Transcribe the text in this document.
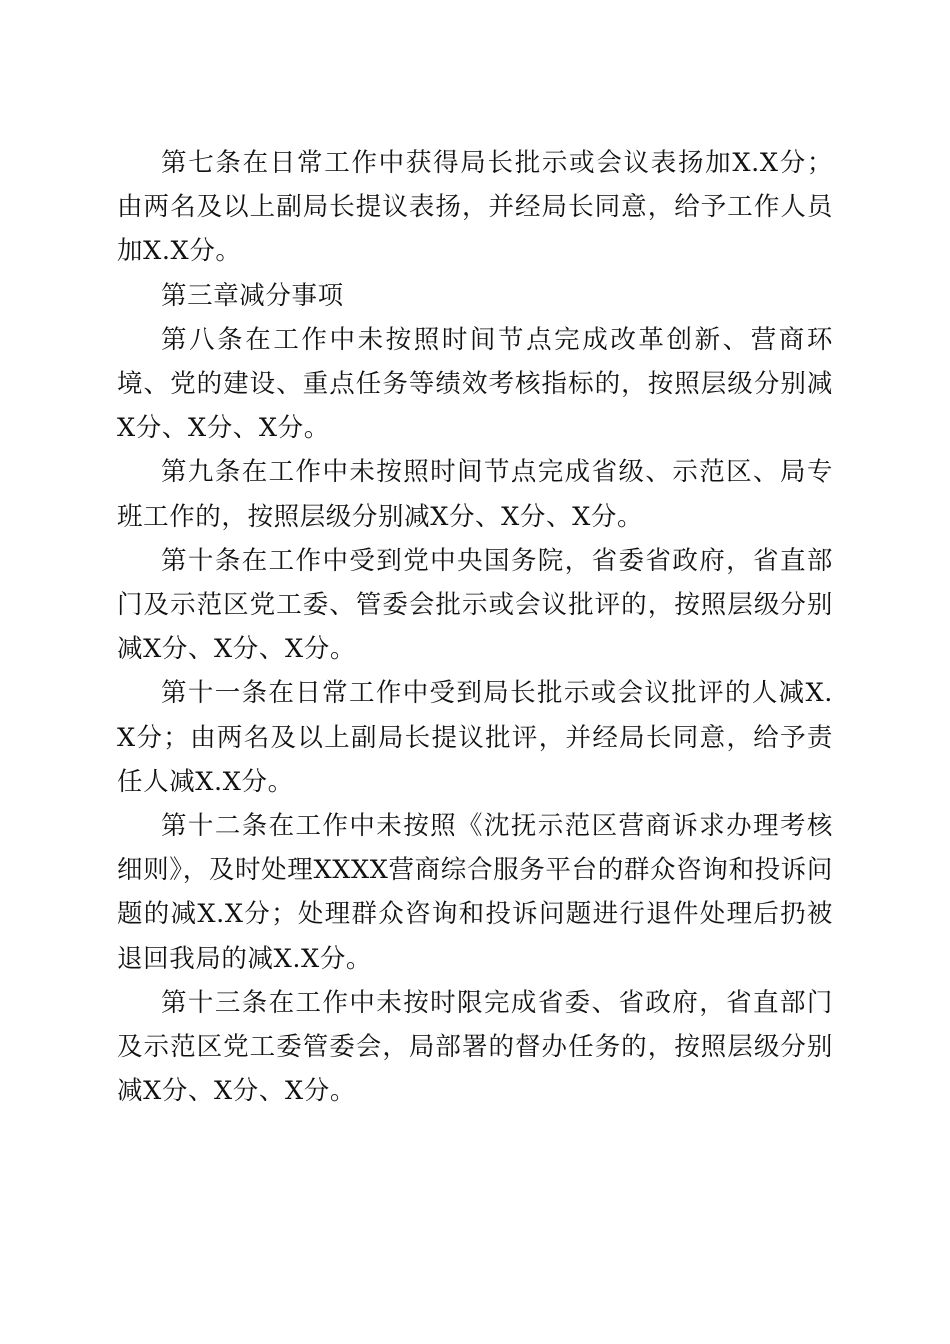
第七条在日常工作中获得局长批示或会议表扬加X.X分；由两名及以上副局长提议表扬，并经局长同意，给予工作人员加X.X分。

第三章减分事项

第八条在工作中未按照时间节点完成改革创新、营商环境、党的建设、重点任务等绩效考核指标的，按照层级分别减X分、X分、X分。

第九条在工作中未按照时间节点完成省级、示范区、局专班工作的，按照层级分别减X分、X分、X分。

第十条在工作中受到党中央国务院，省委省政府，省直部门及示范区党工委、管委会批示或会议批评的，按照层级分别减X分、X分、X分。

第十一条在日常工作中受到局长批示或会议批评的人减X.X分；由两名及以上副局长提议批评，并经局长同意，给予责任人减X.X分。

第十二条在工作中未按照《沈抚示范区营商诉求办理考核细则》，及时处理XXXX营商综合服务平台的群众咨询和投诉问题的减X.X分；处理群众咨询和投诉问题进行退件处理后扔被退回我局的减X.X分。

第十三条在工作中未按时限完成省委、省政府，省直部门及示范区党工委管委会，局部署的督办任务的，按照层级分别减X分、X分、X分。
